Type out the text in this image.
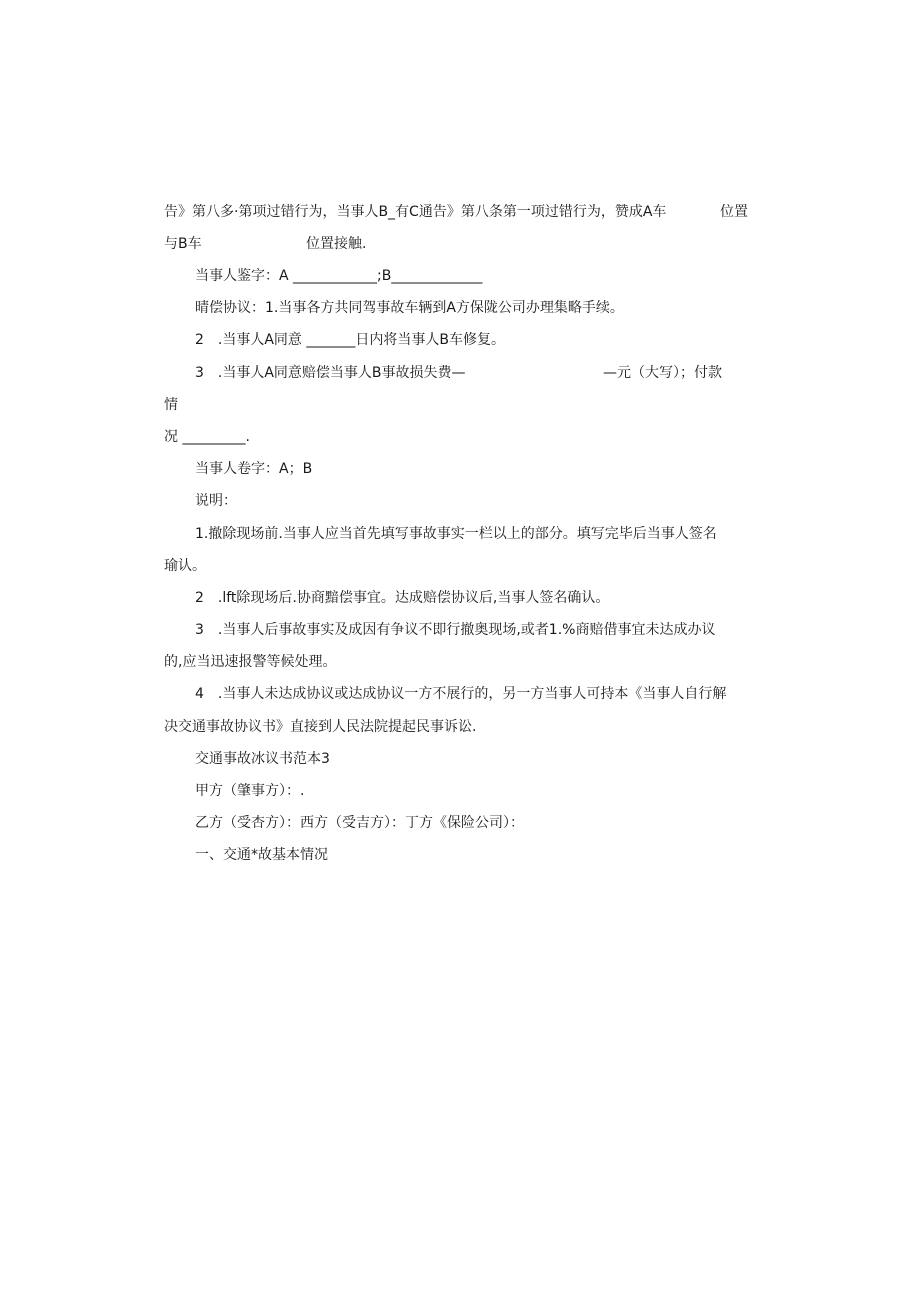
告》第八多·第项过错行为，当事人B_有C通告》第八条第一项过错行为，赞成A车	位置
与B车	位置接触.
当事人鉴字：A ____________;B_____________
晴偿协议：1.当事各方共同驾事故车辆到A方保陇公司办理集略手续。
2　.当事人A同意 _______日内将当事人B车修复。
3　.当事人A同意赔偿当事人B事故损失费—	—元（大写）；付款
情
况 _________.
当事人卷字：A；B
说明：
1.撤除现场前.当事人应当首先填写事故事实一栏以上的部分。填写完毕后当事人签名
瑜认。
2　.lft除现场后.协商黯偿事宜。达成赔偿协议后,当事人签名确认。
3　.当事人后事故事实及成因有争议不即行撤奥现场,或者1.%商赔借事宜未达成办议
的,应当迅速报警等候处理。
4　.当事人未达成协议或达成协议一方不展行的，另一方当事人可持本《当事人自行解
决交通事故协议书》直接到人民法院提起民事诉讼.
交通事故冰议书范本3
甲方（肇事方）：.
乙方（受杏方）：西方（受吉方）：丁方《保险公司）：
一、交通*故基本情况
